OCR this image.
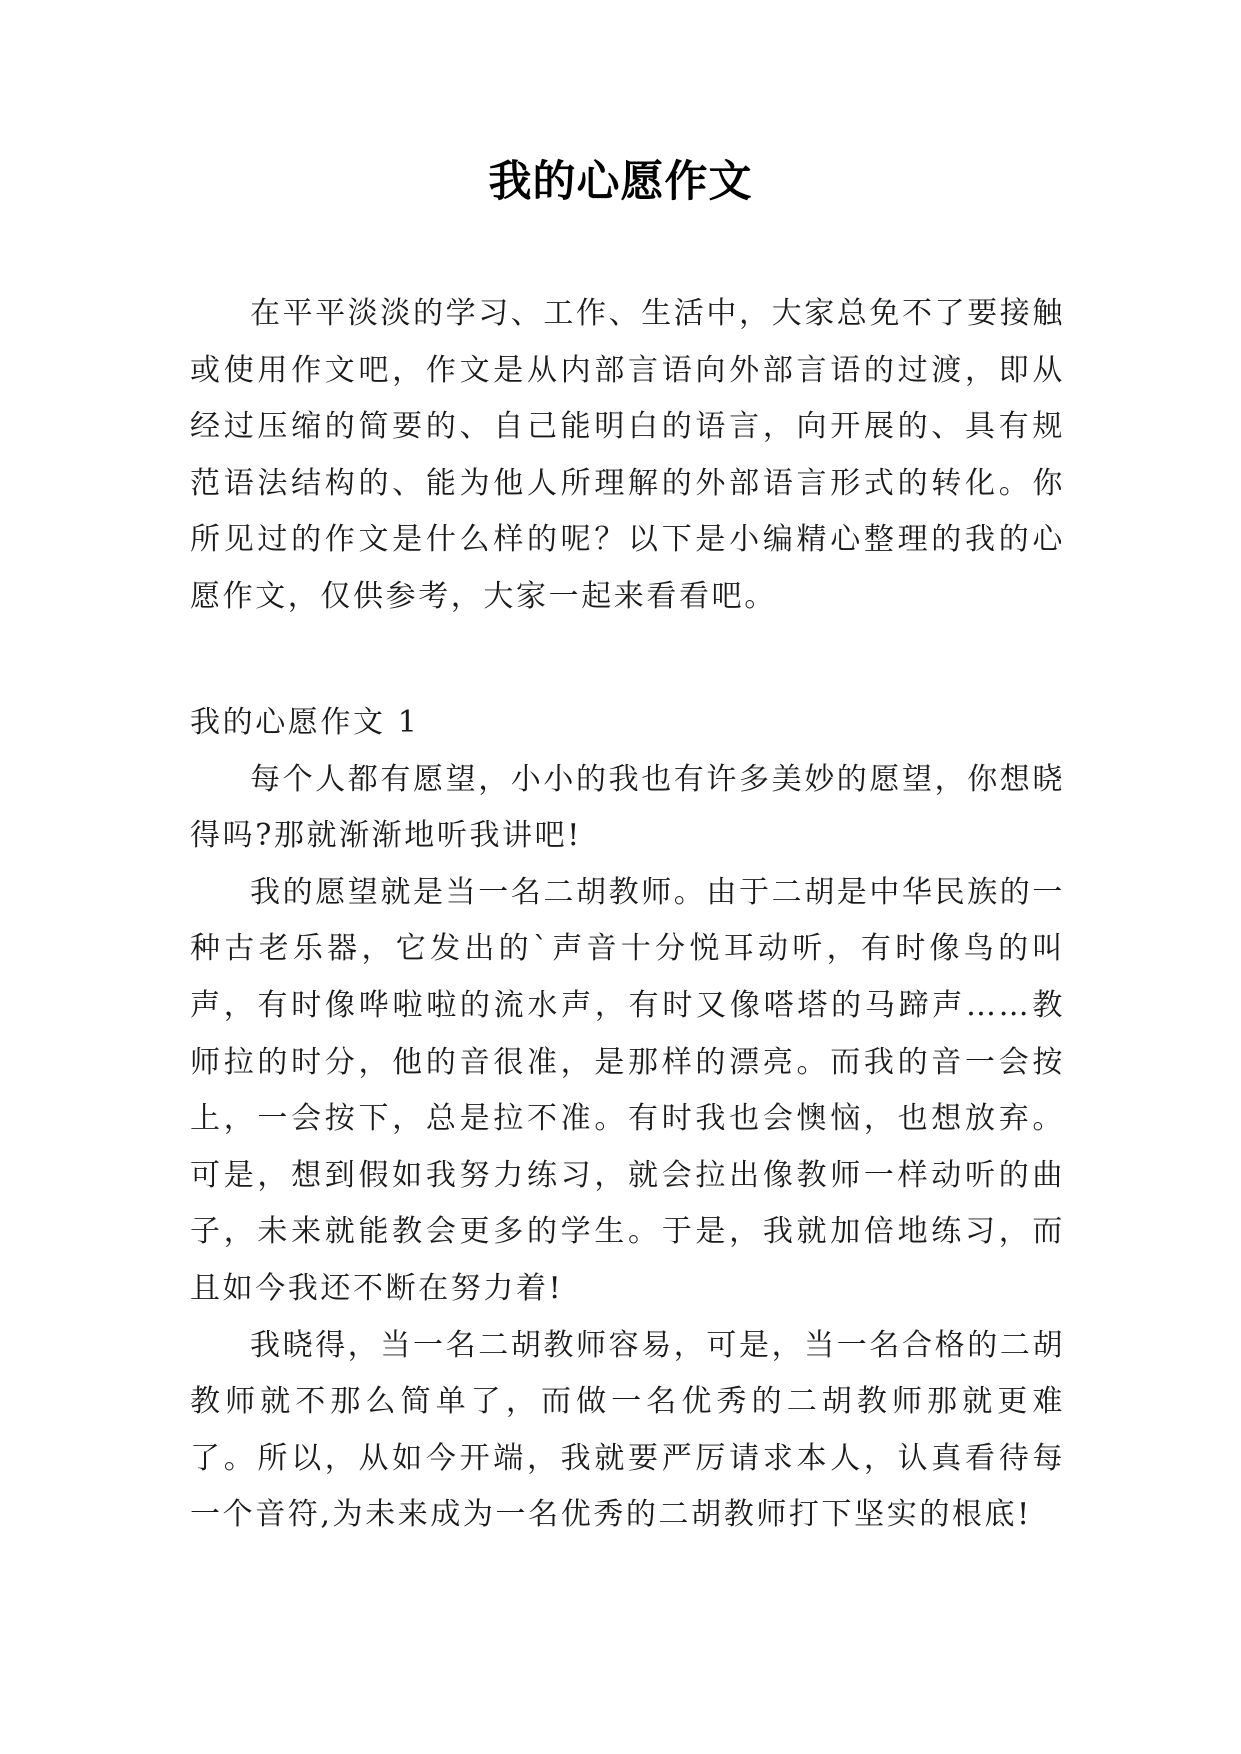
我的心愿作文

在平平淡淡的学习、工作、生活中，大家总免不了要接触或使用作文吧，作文是从内部言语向外部言语的过渡，即从经过压缩的简要的、自己能明白的语言，向开展的、具有规范语法结构的、能为他人所理解的外部语言形式的转化。你所见过的作文是什么样的呢？以下是小编精心整理的我的心愿作文，仅供参考，大家一起来看看吧。

我的心愿作文 1

每个人都有愿望，小小的我也有许多美妙的愿望，你想晓得吗?那就渐渐地听我讲吧!

我的愿望就是当一名二胡教师。由于二胡是中华民族的一种古老乐器，它发出的`声音十分悦耳动听，有时像鸟的叫声，有时像哗啦啦的流水声，有时又像嗒塔的马蹄声……教师拉的时分，他的音很准，是那样的漂亮。而我的音一会按上，一会按下，总是拉不准。有时我也会懊恼，也想放弃。可是，想到假如我努力练习，就会拉出像教师一样动听的曲子，未来就能教会更多的学生。于是，我就加倍地练习，而且如今我还不断在努力着!

我晓得，当一名二胡教师容易，可是，当一名合格的二胡教师就不那么简单了，而做一名优秀的二胡教师那就更难了。所以，从如今开端，我就要严厉请求本人，认真看待每一个音符,为未来成为一名优秀的二胡教师打下坚实的根底!
